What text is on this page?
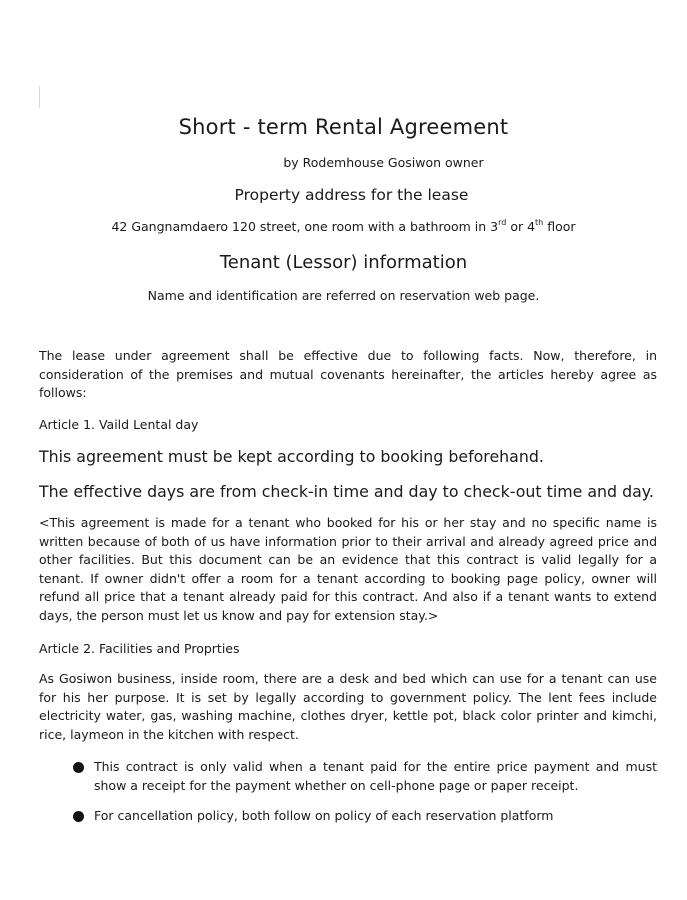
Short - term Rental Agreement
by Rodemhouse Gosiwon owner
Property address for the lease
42 Gangnamdaero 120 street, one room with a bathroom in 3rd or 4th floor
Tenant (Lessor) information
Name and identification are referred on reservation web page.
The lease under agreement shall be effective due to following facts. Now, therefore, in consideration of the premises and mutual covenants hereinafter, the articles hereby agree as follows:
Article 1. Vaild Lental day
This agreement must be kept according to booking beforehand.
The effective days are from check-in time and day to check-out time and day.
<This agreement is made for a tenant who booked for his or her stay and no specific name is written because of both of us have information prior to their arrival and already agreed price and other facilities. But this document can be an evidence that this contract is valid legally for a tenant. If owner didn't offer a room for a tenant according to booking page policy, owner will refund all price that a tenant already paid for this contract. And also if a tenant wants to extend days, the person must let us know and pay for extension stay.>
Article 2. Facilities and Proprties
As Gosiwon business, inside room, there are a desk and bed which can use for a tenant can use for his her purpose. It is set by legally according to government policy. The lent fees include electricity water, gas, washing machine, clothes dryer, kettle pot, black color printer and kimchi, rice, laymeon in the kitchen with respect.
This contract is only valid when a tenant paid for the entire price payment and must show a receipt for the payment whether on cell-phone page or paper receipt.
For cancellation policy, both follow on policy of each reservation platform
